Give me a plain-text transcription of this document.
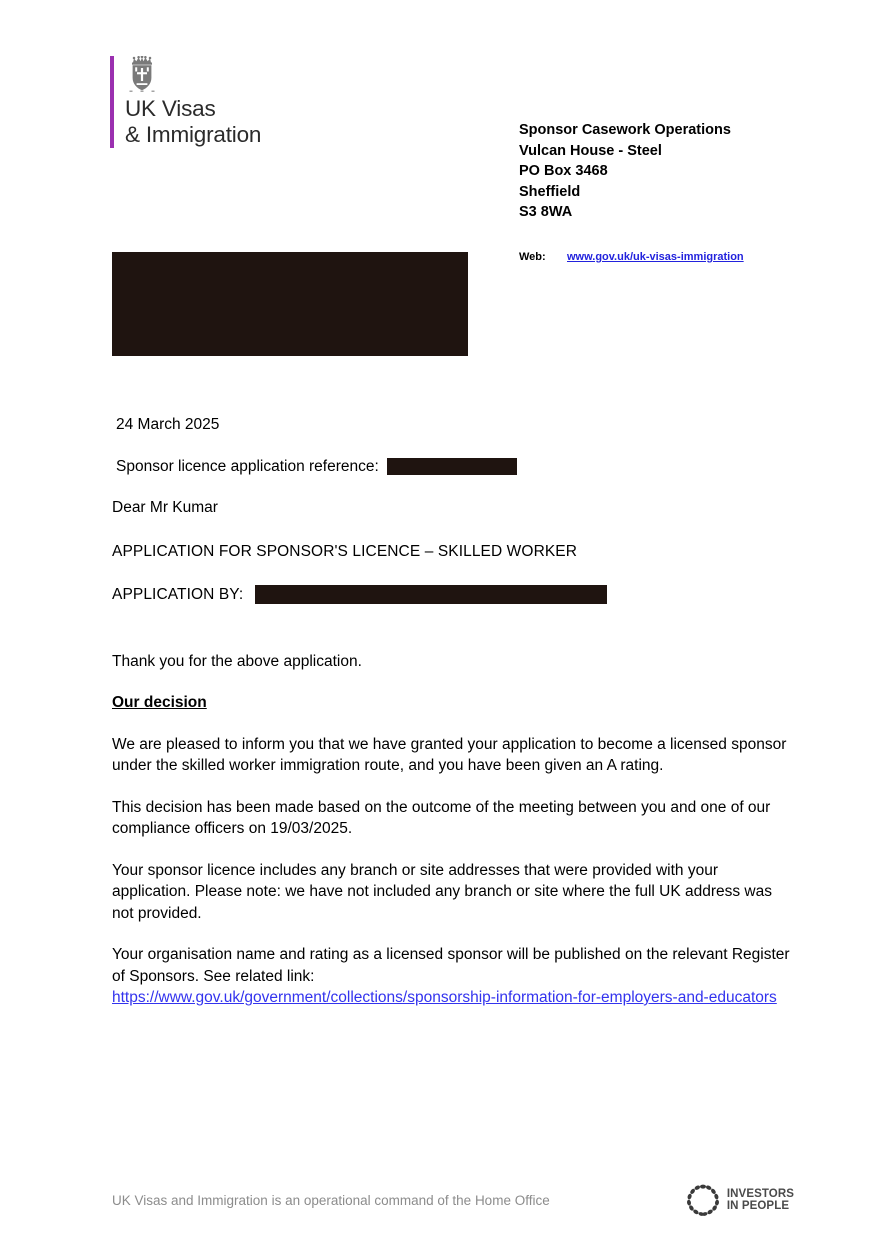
UK Visas
& Immigration	Sponsor Casework Operations
Vulcan House - Steel
PO Box 3468
Sheffield
S3 8WA
Web:	www.gov.uk/uk-visas-immigration
24 March 2025
Sponsor licence application reference:
Dear Mr Kumar
APPLICATION FOR SPONSOR'S LICENCE – SKILLED WORKER
APPLICATION BY:

Thank you for the above application.

Our decision

We are pleased to inform you that we have granted your application to become a licensed sponsor under the skilled worker immigration route, and you have been given an A rating.

This decision has been made based on the outcome of the meeting between you and one of our compliance officers on 19/03/2025.

Your sponsor licence includes any branch or site addresses that were provided with your application. Please note: we have not included any branch or site where the full UK address was not provided.

Your organisation name and rating as a licensed sponsor will be published on the relevant Register of Sponsors. See related link:
https://www.gov.uk/government/collections/sponsorship-information-for-employers-and-educators

UK Visas and Immigration is an operational command of the Home Office	INVESTORS
IN PEOPLE
